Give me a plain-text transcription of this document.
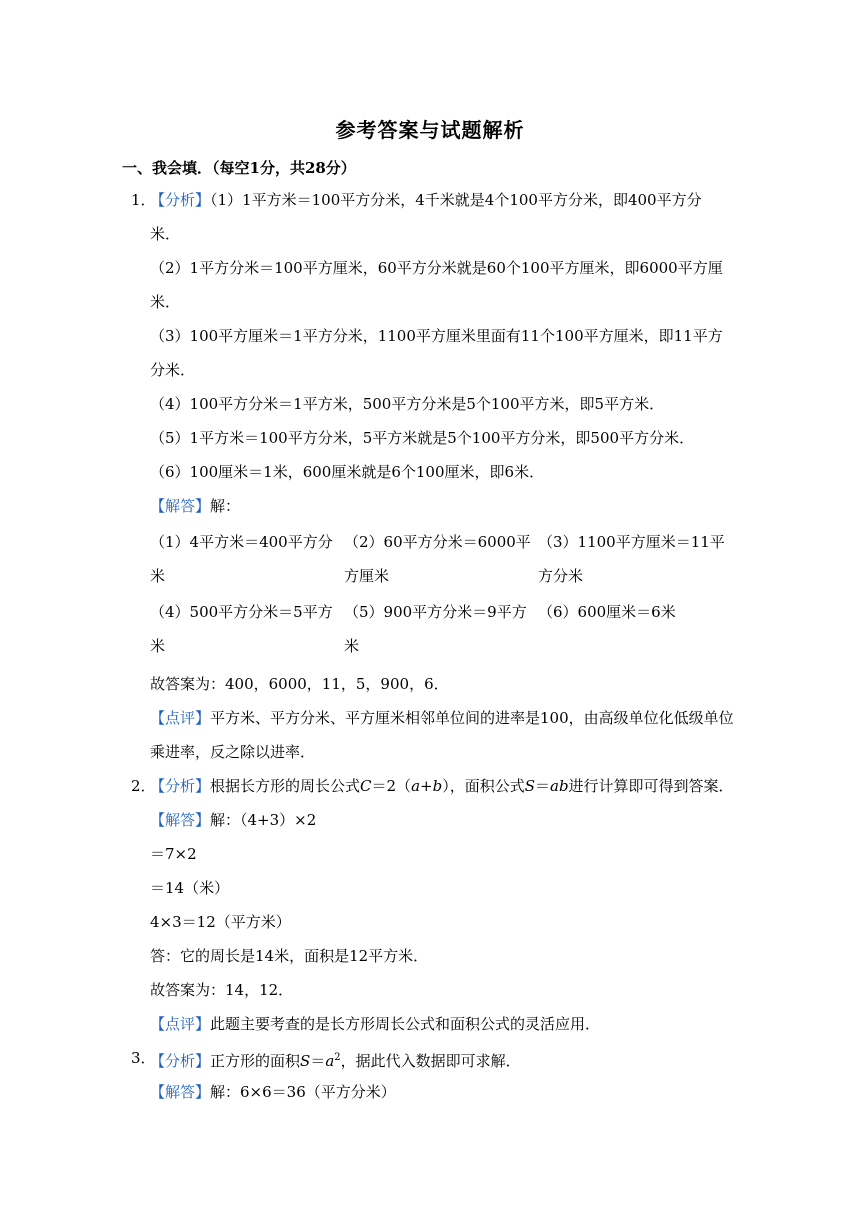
参考答案与试题解析
一、我会填．（每空1分，共28分）
1．
【分析】（1）1平方米＝100平方分米，4千米就是4个100平方分米，即400平方分
米．
（2）1平方分米＝100平方厘米，60平方分米就是60个100平方厘米，即6000平方厘
米．
（3）100平方厘米＝1平方分米，1100平方厘米里面有11个100平方厘米，即11平方
分米．
（4）100平方分米＝1平方米，500平方分米是5个100平方米，即5平方米．
（5）1平方米＝100平方分米，5平方米就是5个100平方分米，即500平方分米．
（6）100厘米＝1米，600厘米就是6个100厘米，即6米．
【解答】解：
（1）4平方米＝400平方分
米
（2）60平方分米＝6000平
方厘米
（3）1100平方厘米＝11平
方分米
（4）500平方分米＝5平方
米
（5）900平方分米＝9平方
米
（6）600厘米＝6米
故答案为：400，6000，11，5，900，6．
【点评】平方米、平方分米、平方厘米相邻单位间的进率是100，由高级单位化低级单位
乘进率，反之除以进率．
2．
【分析】根据长方形的周长公式C＝2（a+b），面积公式S＝ab进行计算即可得到答案．
【解答】解：（4+3）×2
＝7×2
＝14（米）
4×3＝12（平方米）
答：它的周长是14米，面积是12平方米．
故答案为：14，12．
【点评】此题主要考查的是长方形周长公式和面积公式的灵活应用．
3．
【分析】正方形的面积$S=a^2$，据此代入数据即可求解．
【解答】解：6×6＝36（平方分米）
